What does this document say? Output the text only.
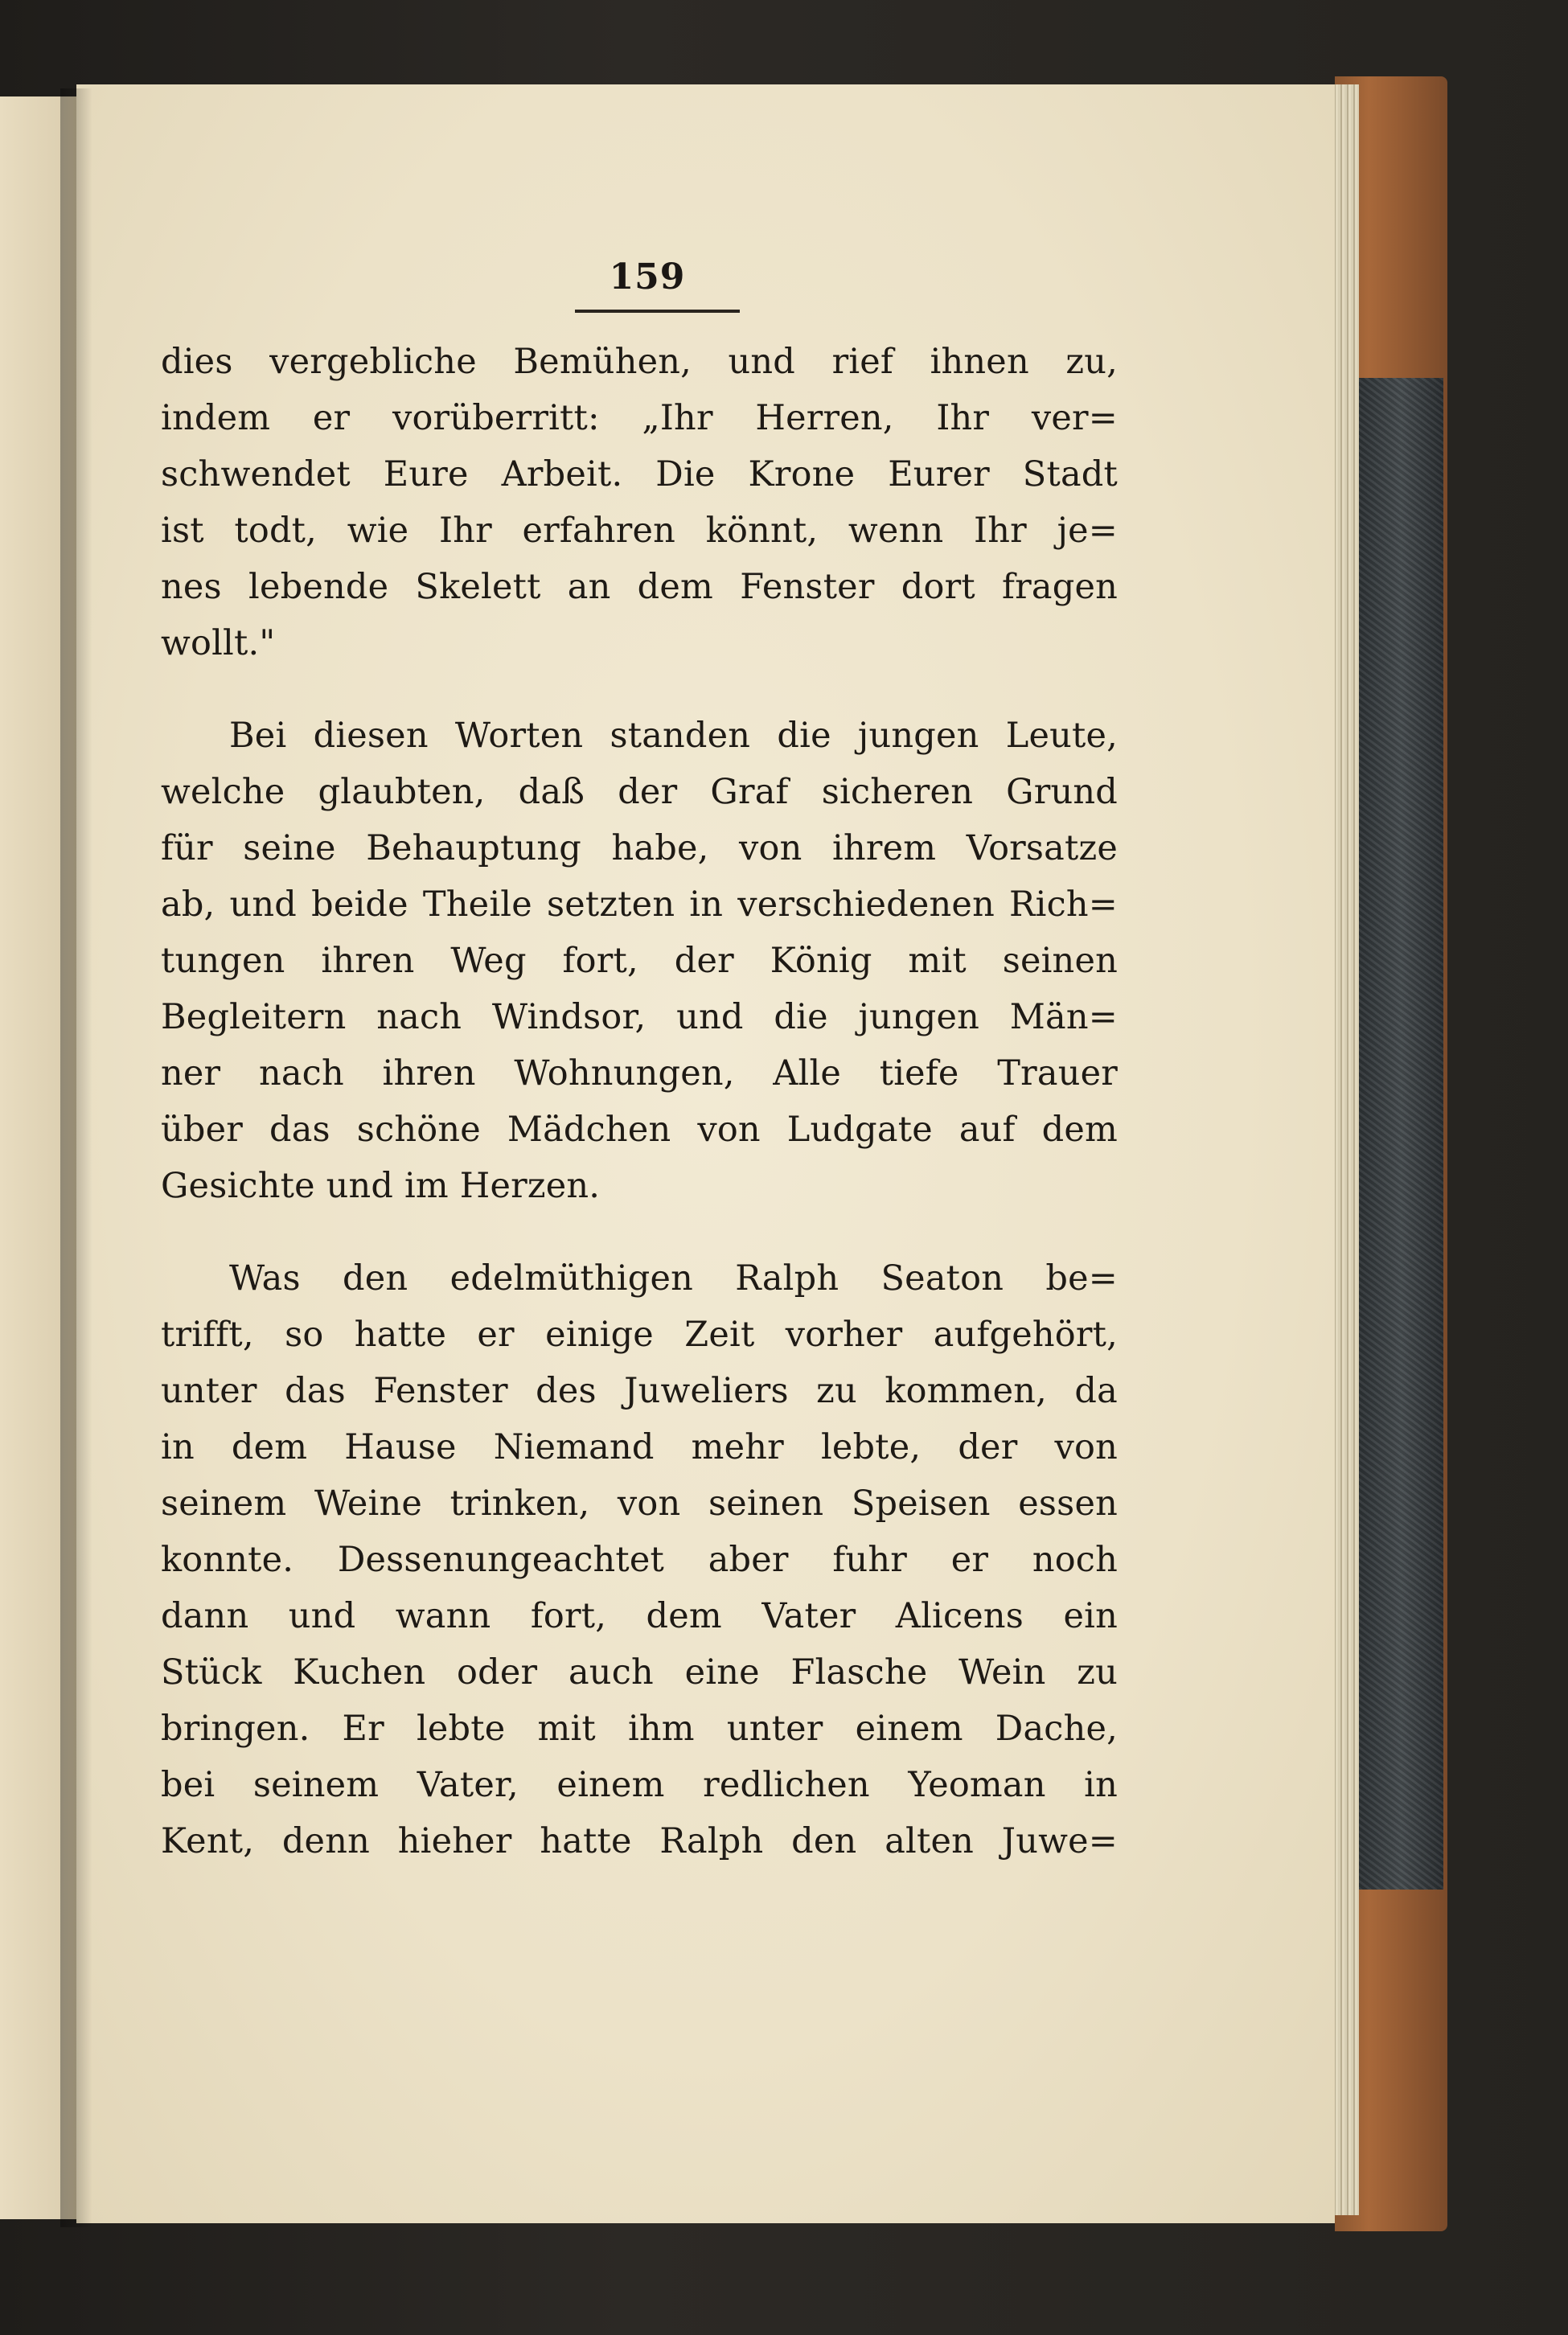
159
dies vergebliche Bemühen, und rief ihnen zu,
indem er vorüberritt: „Ihr Herren, Ihr ver=
schwendet Eure Arbeit. Die Krone Eurer Stadt
ist todt, wie Ihr erfahren könnt, wenn Ihr je=
nes lebende Skelett an dem Fenster dort fragen
wollt."
Bei diesen Worten standen die jungen Leute,
welche glaubten, daß der Graf sicheren Grund
für seine Behauptung habe, von ihrem Vorsatze
ab, und beide Theile setzten in verschiedenen Rich=
tungen ihren Weg fort, der König mit seinen
Begleitern nach Windsor, und die jungen Män=
ner nach ihren Wohnungen, Alle tiefe Trauer
über das schöne Mädchen von Ludgate auf dem
Gesichte und im Herzen.
Was den edelmüthigen Ralph Seaton be=
trifft, so hatte er einige Zeit vorher aufgehört,
unter das Fenster des Juweliers zu kommen, da
in dem Hause Niemand mehr lebte, der von
seinem Weine trinken, von seinen Speisen essen
konnte. Dessenungeachtet aber fuhr er noch
dann und wann fort, dem Vater Alicens ein
Stück Kuchen oder auch eine Flasche Wein zu
bringen. Er lebte mit ihm unter einem Dache,
bei seinem Vater, einem redlichen Yeoman in
Kent, denn hieher hatte Ralph den alten Juwe=
